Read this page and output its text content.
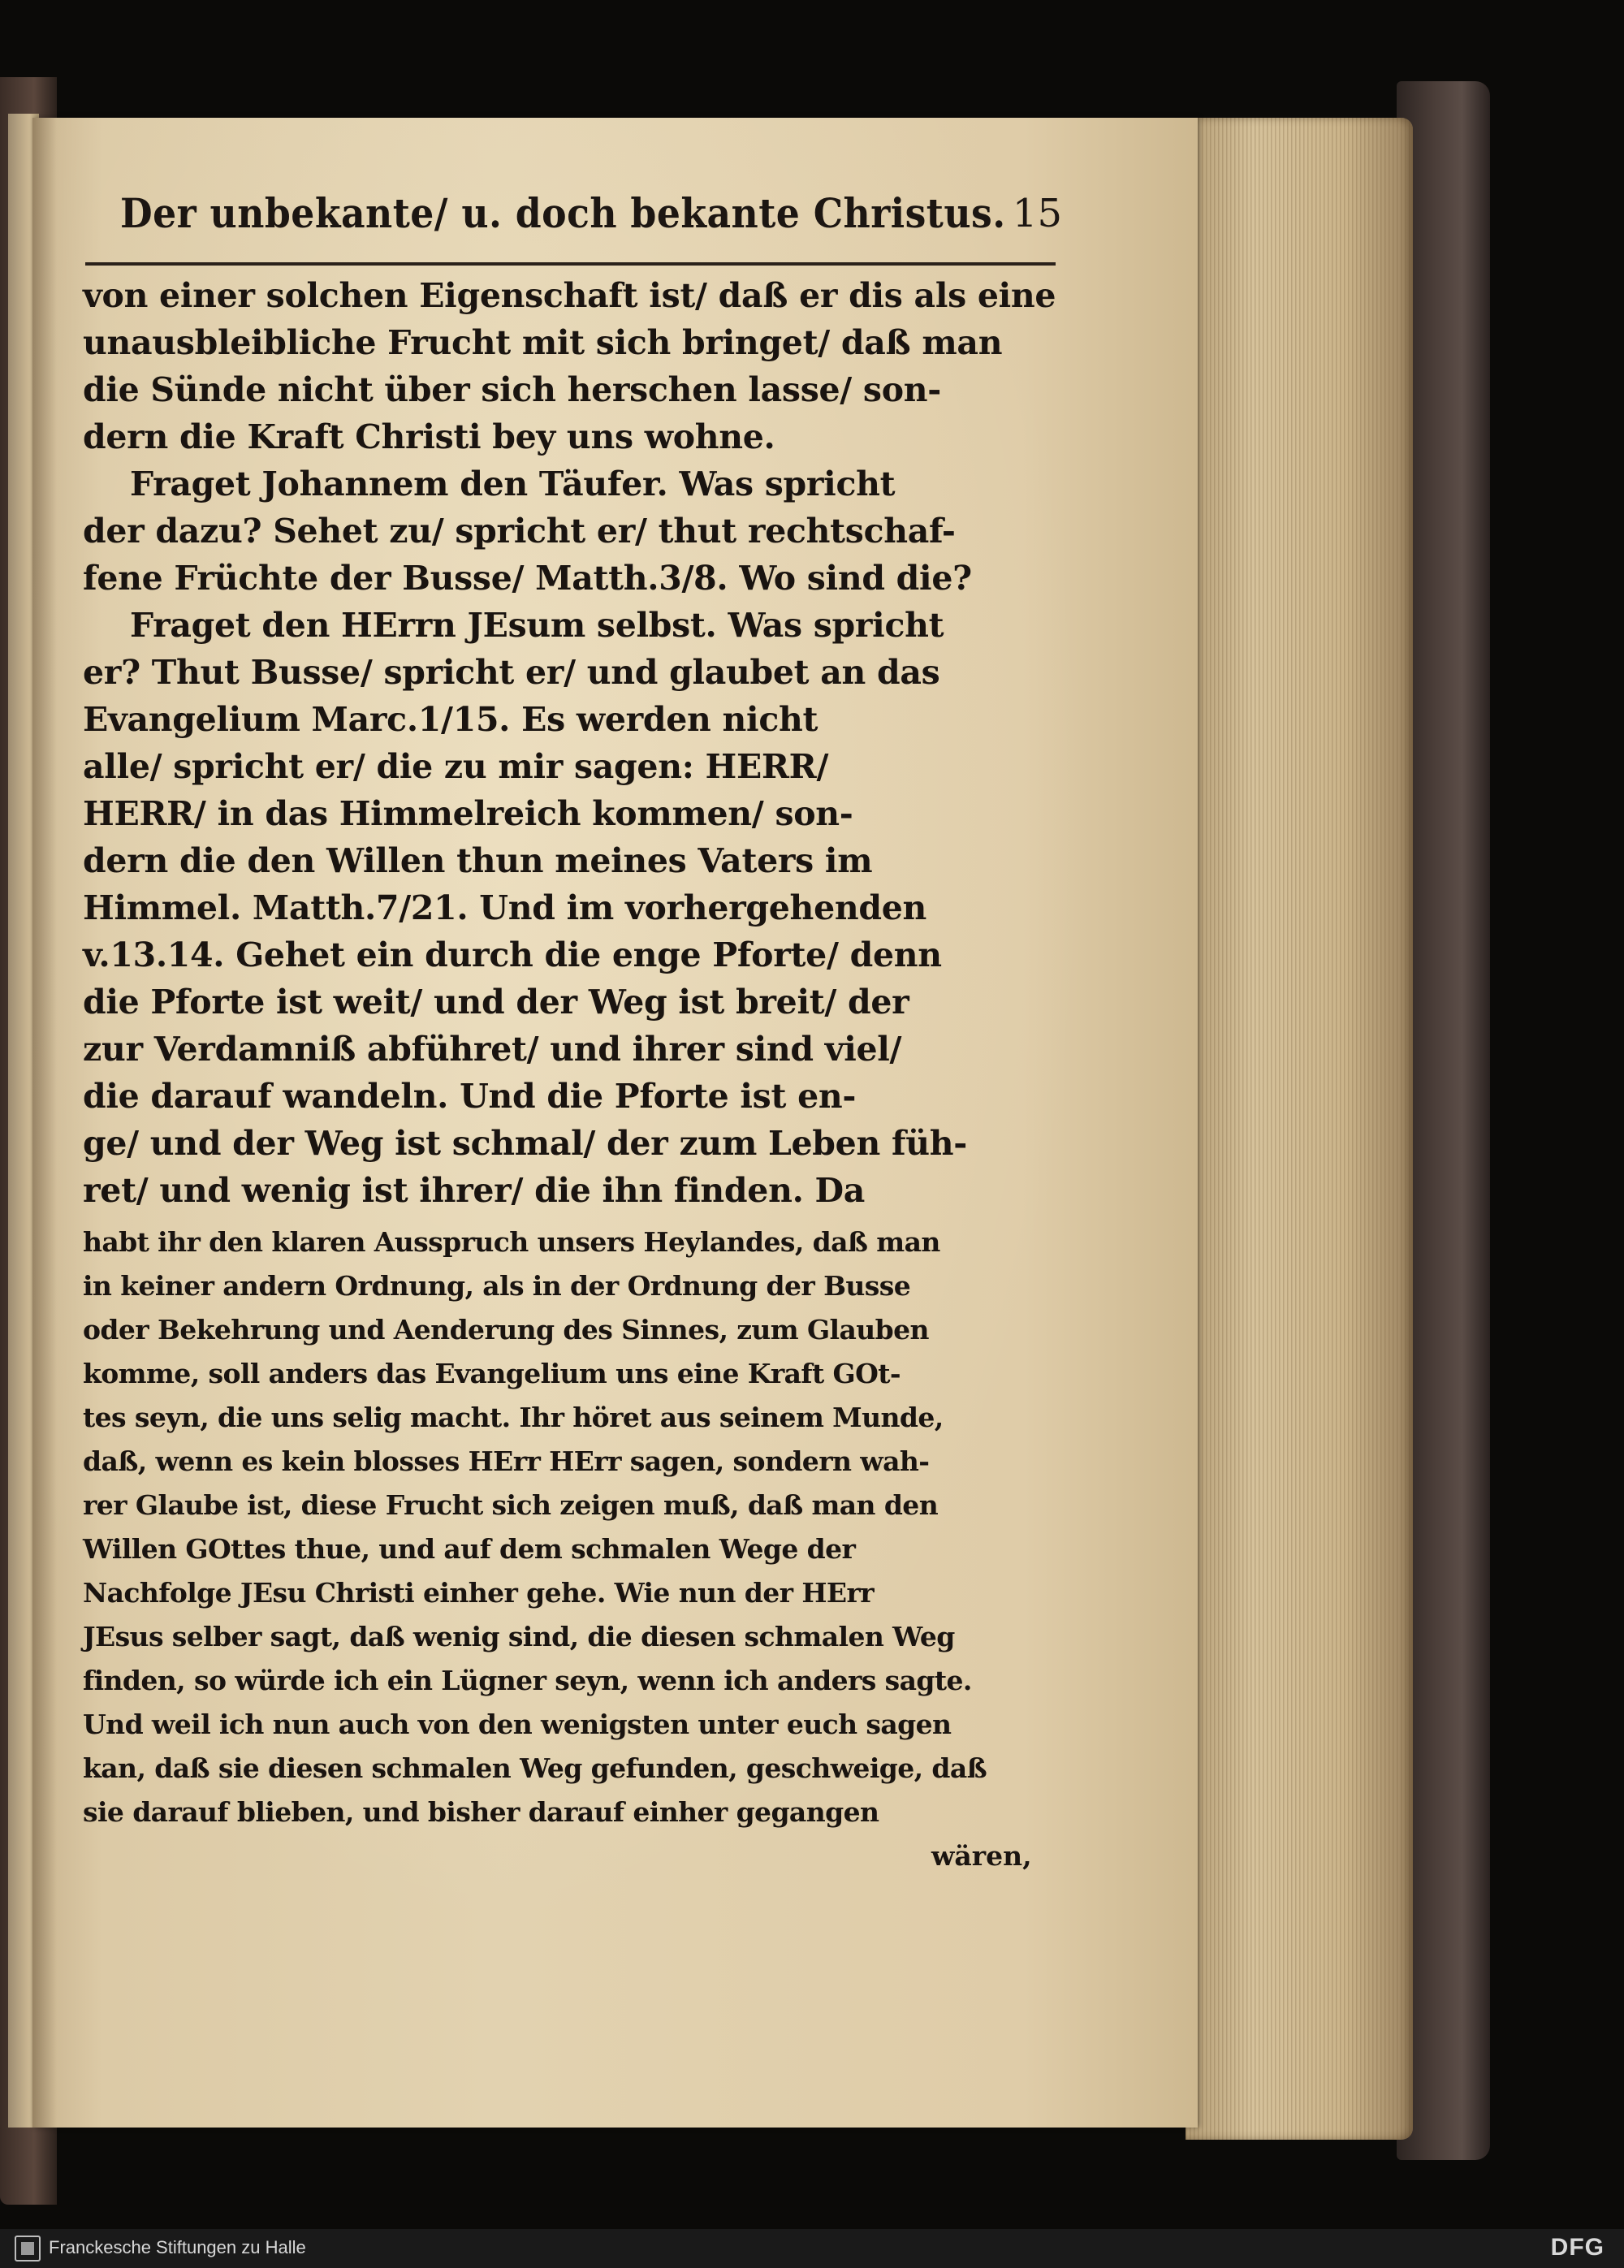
Der unbekante/ u. doch bekante Christus. 15
von einer solchen Eigenschaft ist/ daß er dis als eine
unausbleibliche Frucht mit sich bringet/ daß man
die Sünde nicht über sich herschen lasse/ son-
dern die Kraft Christi bey uns wohne.
Fraget Johannem den Täufer. Was spricht
der dazu? Sehet zu/ spricht er/ thut rechtschaf-
fene Früchte der Busse/ Matth.3/8. Wo sind die?
Fraget den HErrn JEsum selbst. Was spricht
er? Thut Busse/ spricht er/ und glaubet an das
Evangelium Marc.1/15. Es werden nicht
alle/ spricht er/ die zu mir sagen: HERR/
HERR/ in das Himmelreich kommen/ son-
dern die den Willen thun meines Vaters im
Himmel. Matth.7/21. Und im vorhergehenden
v.13.14. Gehet ein durch die enge Pforte/ denn
die Pforte ist weit/ und der Weg ist breit/ der
zur Verdamniß abführet/ und ihrer sind viel/
die darauf wandeln. Und die Pforte ist en-
ge/ und der Weg ist schmal/ der zum Leben füh-
ret/ und wenig ist ihrer/ die ihn finden. Da
habt ihr den klaren Ausspruch unsers Heylandes, daß man
in keiner andern Ordnung, als in der Ordnung der Busse
oder Bekehrung und Aenderung des Sinnes, zum Glauben
komme, soll anders das Evangelium uns eine Kraft GOt-
tes seyn, die uns selig macht. Ihr höret aus seinem Munde,
daß, wenn es kein blosses HErr HErr sagen, sondern wah-
rer Glaube ist, diese Frucht sich zeigen muß, daß man den
Willen GOttes thue, und auf dem schmalen Wege der
Nachfolge JEsu Christi einher gehe. Wie nun der HErr
JEsus selber sagt, daß wenig sind, die diesen schmalen Weg
finden, so würde ich ein Lügner seyn, wenn ich anders sagte.
Und weil ich nun auch von den wenigsten unter euch sagen
kan, daß sie diesen schmalen Weg gefunden, geschweige, daß
sie darauf blieben, und bisher darauf einher gegangen
wären,
Franckesche Stiftungen zu Halle	DFG
